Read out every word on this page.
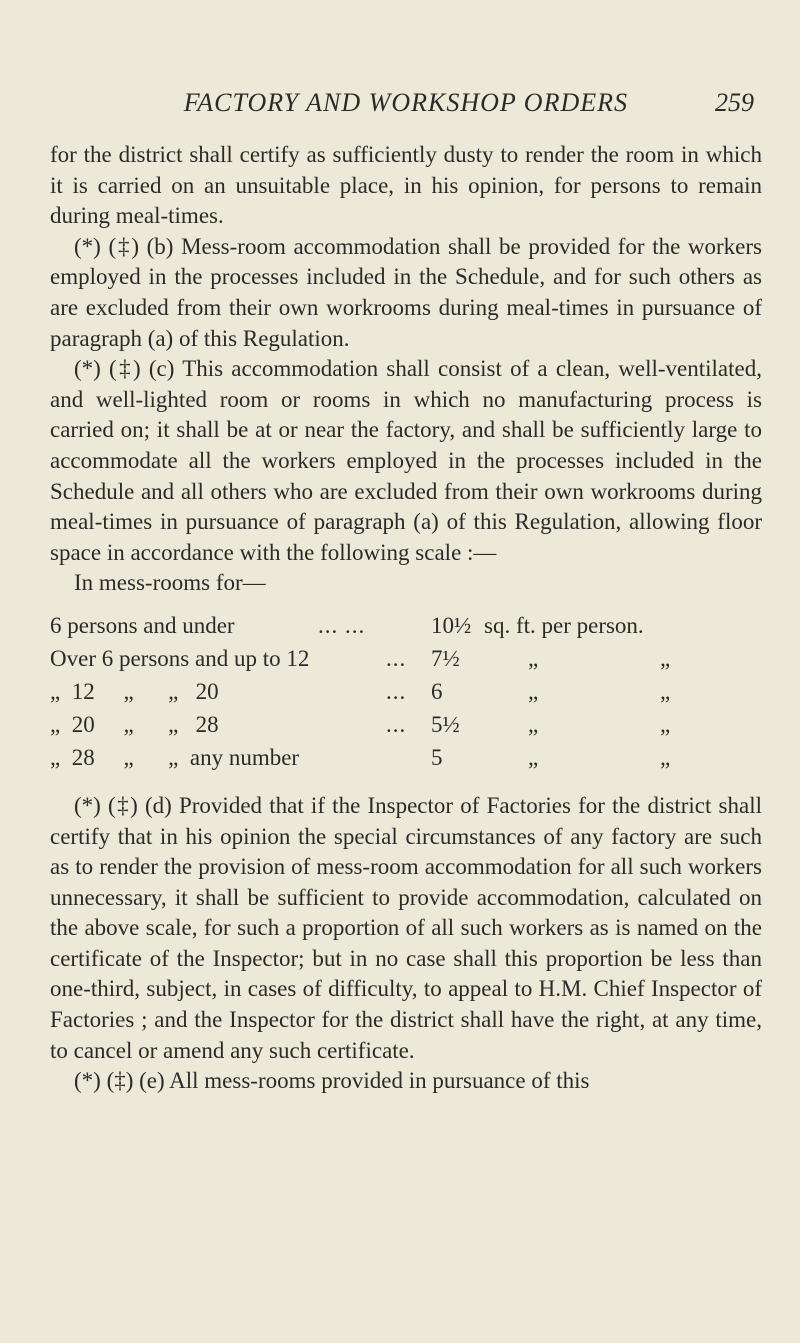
FACTORY AND WORKSHOP ORDERS	259

for the district shall certify as sufficiently dusty to render the room in which it is carried on an unsuitable place, in his opinion, for persons to remain during meal-times.

(*) (‡) (b) Mess-room accommodation shall be provided for the workers employed in the processes included in the Schedule, and for such others as are excluded from their own workrooms during meal-times in pursuance of paragraph (a) of this Regulation.

(*) (‡) (c) This accommodation shall consist of a clean, well-ventilated, and well-lighted room or rooms in which no manufacturing process is carried on; it shall be at or near the factory, and shall be sufficiently large to accommodate all the workers employed in the processes included in the Schedule and all others who are excluded from their own workrooms during meal-times in pursuance of paragraph (a) of this Regulation, allowing floor space in accordance with the following scale :—

In mess-rooms for—

6 persons and under	... ...	10½ sq. ft. per person.
Over 6 persons and up to 12	... 7½	„	„
„  12     „      „   20	... 6	„	„
„  20     „      „   28	... 5½	„	„
„  28     „      „  any number	5	„	„

(*) (‡) (d) Provided that if the Inspector of Factories for the district shall certify that in his opinion the special circumstances of any factory are such as to render the provision of mess-room accommodation for all such workers unnecessary, it shall be sufficient to provide accommodation, calculated on the above scale, for such a proportion of all such workers as is named on the certificate of the Inspector; but in no case shall this proportion be less than one-third, subject, in cases of difficulty, to appeal to H.M. Chief Inspector of Factories ; and the Inspector for the district shall have the right, at any time, to cancel or amend any such certificate.

(*) (‡) (e) All mess-rooms provided in pursuance of this
